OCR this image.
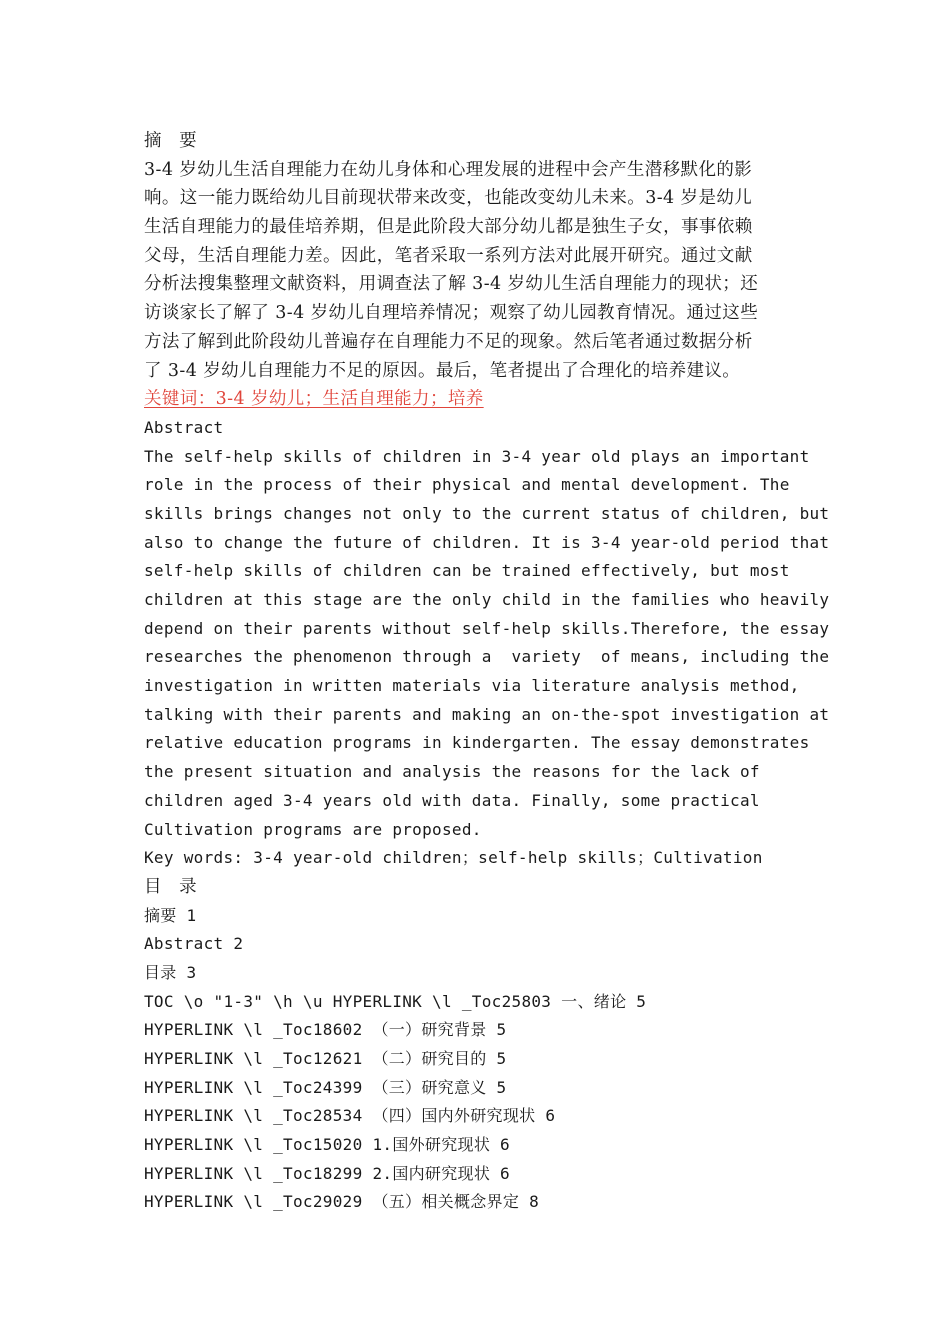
摘 要
3-4 岁幼儿生活自理能力在幼儿身体和心理发展的进程中会产生潜移默化的影
响。这一能力既给幼儿目前现状带来改变，也能改变幼儿未来。3-4 岁是幼儿
生活自理能力的最佳培养期，但是此阶段大部分幼儿都是独生子女，事事依赖
父母，生活自理能力差。因此，笔者采取一系列方法对此展开研究。通过文献
分析法搜集整理文献资料，用调查法了解 3-4 岁幼儿生活自理能力的现状；还
访谈家长了解了 3-4 岁幼儿自理培养情况；观察了幼儿园教育情况。通过这些
方法了解到此阶段幼儿普遍存在自理能力不足的现象。然后笔者通过数据分析
了 3-4 岁幼儿自理能力不足的原因。最后，笔者提出了合理化的培养建议。
关键词：3-4 岁幼儿；生活自理能力；培养
Abstract
The self-help skills of children in 3-4 year old plays an important
role in the process of their physical and mental development. The
skills brings changes not only to the current status of children, but
also to change the future of children. It is 3-4 year-old period that
self-help skills of children can be trained effectively, but most
children at this stage are the only child in the families who heavily
depend on their parents without self-help skills.Therefore, the essay
researches the phenomenon through a  variety  of means, including the
investigation in written materials via literature analysis method,
talking with their parents and making an on-the-spot investigation at
relative education programs in kindergarten. The essay demonstrates
the present situation and analysis the reasons for the lack of
children aged 3-4 years old with data. Finally, some practical
Cultivation programs are proposed.
Key words: 3-4 year-old children；self-help skills；Cultivation
目 录
摘要 1
Abstract 2
目录 3
TOC \o "1-3" \h \u HYPERLINK \l _Toc25803 一、绪论 5
HYPERLINK \l _Toc18602 （一）研究背景 5
HYPERLINK \l _Toc12621 （二）研究目的 5
HYPERLINK \l _Toc24399 （三）研究意义 5
HYPERLINK \l _Toc28534 （四）国内外研究现状 6
HYPERLINK \l _Toc15020 1.国外研究现状 6
HYPERLINK \l _Toc18299 2.国内研究现状 6
HYPERLINK \l _Toc29029 （五）相关概念界定 8
